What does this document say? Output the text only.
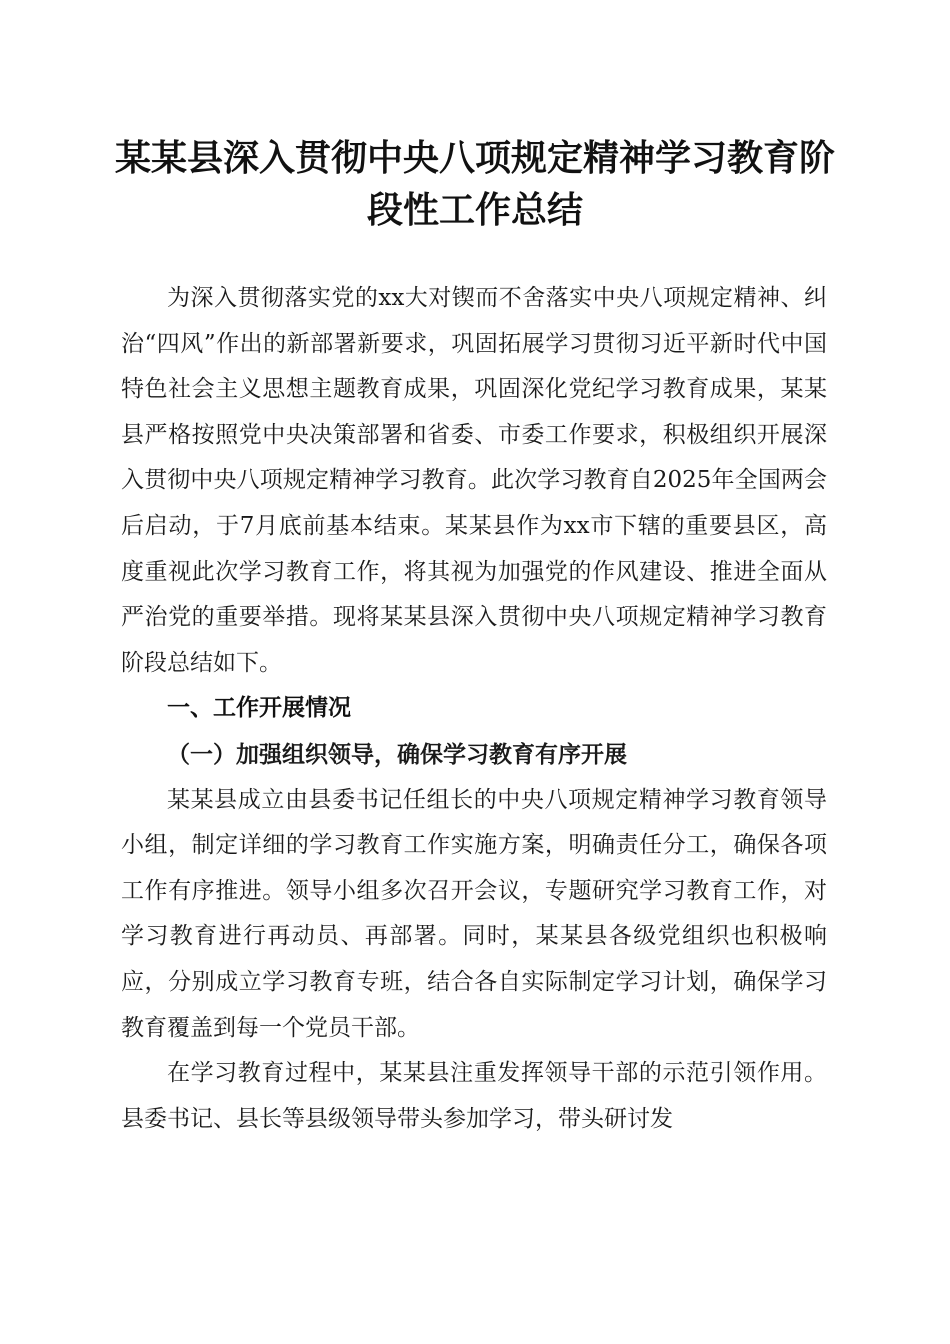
某某县深入贯彻中央八项规定精神学习教育阶段性工作总结

为深入贯彻落实党的xx大对锲而不舍落实中央八项规定精神、纠治“四风”作出的新部署新要求，巩固拓展学习贯彻习近平新时代中国特色社会主义思想主题教育成果，巩固深化党纪学习教育成果，某某县严格按照党中央决策部署和省委、市委工作要求，积极组织开展深入贯彻中央八项规定精神学习教育。此次学习教育自2025年全国两会后启动，于7月底前基本结束。某某县作为xx市下辖的重要县区，高度重视此次学习教育工作，将其视为加强党的作风建设、推进全面从严治党的重要举措。现将某某县深入贯彻中央八项规定精神学习教育阶段总结如下。

一、工作开展情况

（一）加强组织领导，确保学习教育有序开展

某某县成立由县委书记任组长的中央八项规定精神学习教育领导小组，制定详细的学习教育工作实施方案，明确责任分工，确保各项工作有序推进。领导小组多次召开会议，专题研究学习教育工作，对学习教育进行再动员、再部署。同时，某某县各级党组织也积极响应，分别成立学习教育专班，结合各自实际制定学习计划，确保学习教育覆盖到每一个党员干部。

在学习教育过程中，某某县注重发挥领导干部的示范引领作用。县委书记、县长等县级领导带头参加学习，带头研讨发
